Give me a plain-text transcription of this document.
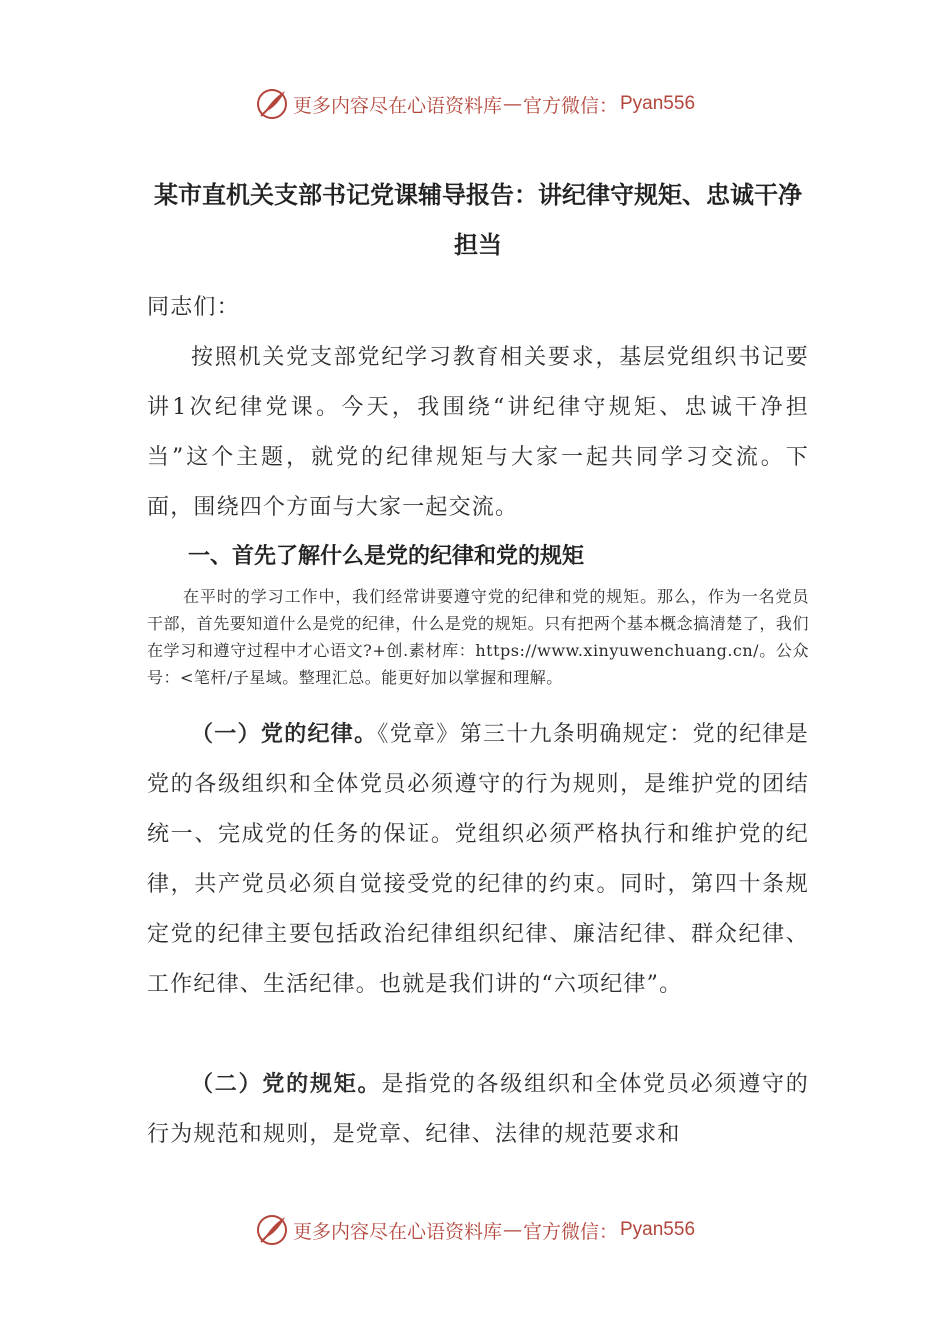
更多内容尽在心语资料库 — 官方微信： Pyan556
某市直机关支部书记党课辅导报告：讲纪律守规矩、忠诚干净担当

同志们：

按照机关党支部党纪学习教育相关要求，基层党组织书记要讲1次纪律党课。今天，我围绕“讲纪律守规矩、忠诚干净担当”这个主题，就党的纪律规矩与大家一起共同学习交流。下面，围绕四个方面与大家一起交流。

一、首先了解什么是党的纪律和党的规矩

在平时的学习工作中，我们经常讲要遵守党的纪律和党的规矩。那么，作为一名党员干部，首先要知道什么是党的纪律，什么是党的规矩。只有把两个基本概念搞清楚了，我们在学习和遵守过程中才心语文?+创.素材库：https://www.xinyuwenchuang.cn/。公众号：<笔杆/子星域。整理汇总。能更好加以掌握和理解。

（一）党的纪律。《党章》第三十九条明确规定：党的纪律是党的各级组织和全体党员必须遵守的行为规则，是维护党的团结统一、完成党的任务的保证。党组织必须严格执行和维护党的纪律，共产党员必须自觉接受党的纪律的约束。同时，第四十条规定党的纪律主要包括政治纪律组织纪律、廉洁纪律、群众纪律、工作纪律、生活纪律。也就是我们讲的“六项纪律”。

（二）党的规矩。是指党的各级组织和全体党员必须遵守的行为规范和规则，是党章、纪律、法律的规范要求和

更多内容尽在心语资料库 — 官方微信： Pyan556
